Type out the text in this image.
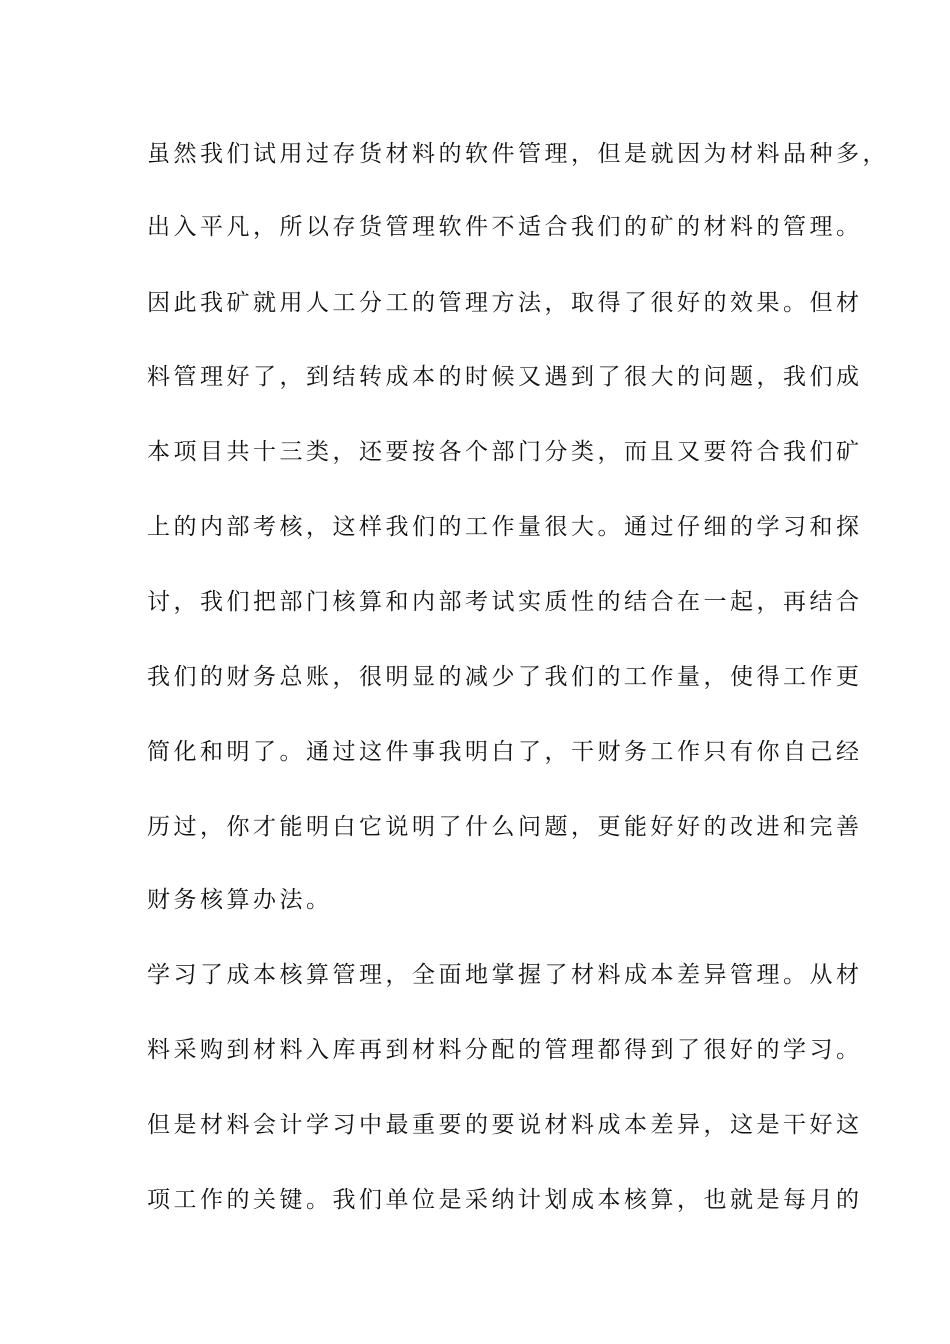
虽然我们试用过存货材料的软件管理，但是就因为材料品种多，
出入平凡，所以存货管理软件不适合我们的矿的材料的管理。
因此我矿就用人工分工的管理方法，取得了很好的效果。但材
料管理好了，到结转成本的时候又遇到了很大的问题，我们成
本项目共十三类，还要按各个部门分类，而且又要符合我们矿
上的内部考核，这样我们的工作量很大。通过仔细的学习和探
讨，我们把部门核算和内部考试实质性的结合在一起，再结合
我们的财务总账，很明显的减少了我们的工作量，使得工作更
简化和明了。通过这件事我明白了，干财务工作只有你自己经
历过，你才能明白它说明了什么问题，更能好好的改进和完善
财务核算办法。
学习了成本核算管理，全面地掌握了材料成本差异管理。从材
料采购到材料入库再到材料分配的管理都得到了很好的学习。
但是材料会计学习中最重要的要说材料成本差异，这是干好这
项工作的关键。我们单位是采纳计划成本核算，也就是每月的
